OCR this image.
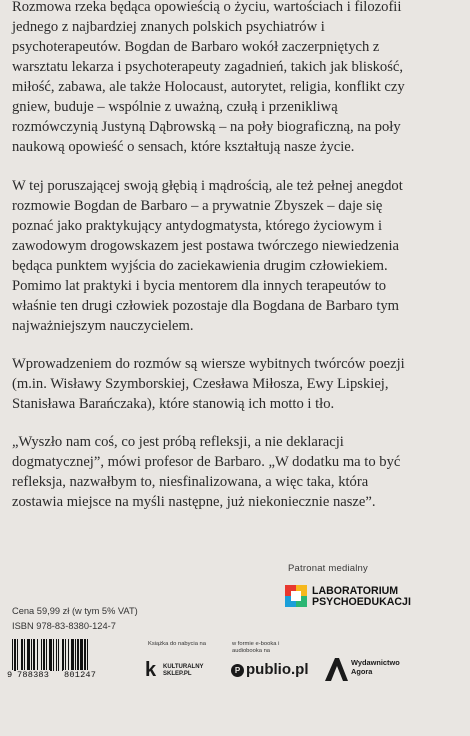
Rozmowa rzeka będąca opowieścią o życiu, wartościach i filozofii jednego z najbardziej znanych polskich psychiatrów i psychoterapeutów. Bogdan de Barbaro wokół zaczerpniętych z warsztatu lekarza i psychoterapeuty zagadnień, takich jak bliskość, miłość, zabawa, ale także Holocaust, autorytet, religia, konflikt czy gniew, buduje – wspólnie z uważną, czułą i przenikliwą rozmówczynią Justyną Dąbrowską – na poły biograficzną, na poły naukową opowieść o sensach, które kształtują nasze życie.

W tej poruszającej swoją głębią i mądrością, ale też pełnej anegdot rozmowie Bogdan de Barbaro – a prywatnie Zbyszek – daje się poznać jako praktykujący antydogmatysta, którego życiowym i zawodowym drogowskazem jest postawa twórczego niewiedzenia będąca punktem wyjścia do zaciekawienia drugim człowiekiem. Pomimo lat praktyki i bycia mentorem dla innych terapeutów to właśnie ten drugi człowiek pozostaje dla Bogdana de Barbaro tym najważniejszym nauczycielem.

Wprowadzeniem do rozmów są wiersze wybitnych twórców poezji (m.in. Wisławy Szymborskiej, Czesława Miłosza, Ewy Lipskiej, Stanisława Barańczaka), które stanowią ich motto i tło.

„Wyszło nam coś, co jest próbą refleksji, a nie deklaracji dogmatycznej”, mówi profesor de Barbaro. „W dodatku ma to być refleksja, nazwałbym to, niesfinalizowana, a więc taka, która zostawia miejsce na myśli następne, już niekoniecznie nasze”.

Patronat medialny
LABORATORIUM
PSYCHOEDUKACJI
Cena 59,99 zł (w tym 5% VAT)
ISBN 978-83-8380-124-7
9 788383 801247
Książka do nabycia na
k KULTURALNY
SKLEP.PL
w formie e-booka i audiobooka na
P publio.pl	Wydawnictwo
Agora
